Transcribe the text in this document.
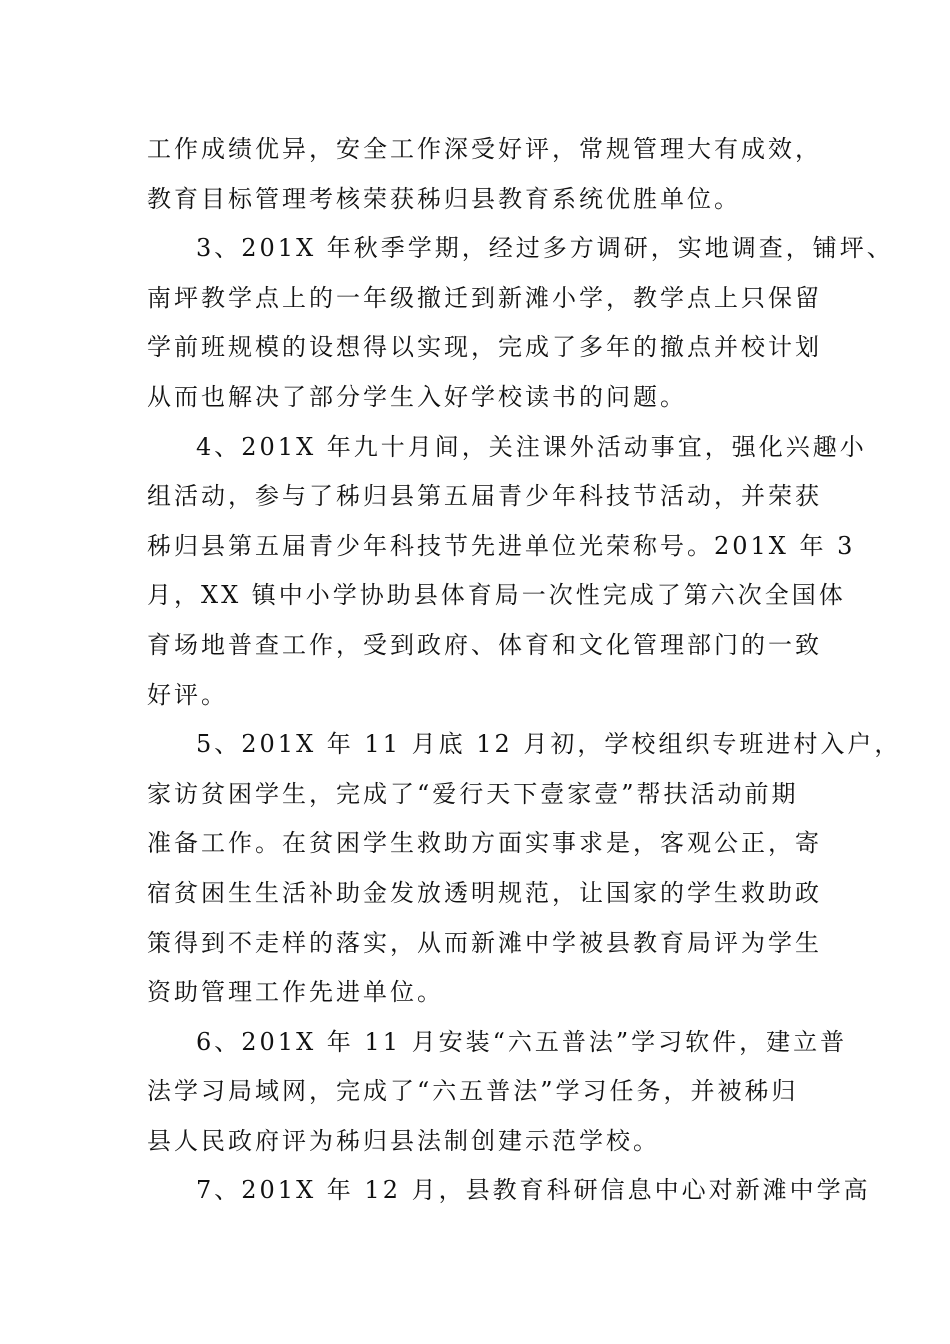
工作成绩优异，安全工作深受好评，常规管理大有成效，
教育目标管理考核荣获秭归县教育系统优胜单位。
3、201X 年秋季学期，经过多方调研，实地调查，铺坪、
南坪教学点上的一年级撤迁到新滩小学，教学点上只保留
学前班规模的设想得以实现，完成了多年的撤点并校计划
从而也解决了部分学生入好学校读书的问题。
4、201X 年九十月间，关注课外活动事宜，强化兴趣小
组活动，参与了秭归县第五届青少年科技节活动，并荣获
秭归县第五届青少年科技节先进单位光荣称号。201X 年 3
月，XX 镇中小学协助县体育局一次性完成了第六次全国体
育场地普查工作，受到政府、体育和文化管理部门的一致
好评。
5、201X 年 11 月底 12 月初，学校组织专班进村入户，
家访贫困学生，完成了“爱行天下壹家壹”帮扶活动前期
准备工作。在贫困学生救助方面实事求是，客观公正，寄
宿贫困生生活补助金发放透明规范，让国家的学生救助政
策得到不走样的落实，从而新滩中学被县教育局评为学生
资助管理工作先进单位。
6、201X 年 11 月安装“六五普法”学习软件，建立普
法学习局域网，完成了“六五普法”学习任务，并被秭归
县人民政府评为秭归县法制创建示范学校。
7、201X 年 12 月，县教育科研信息中心对新滩中学高
